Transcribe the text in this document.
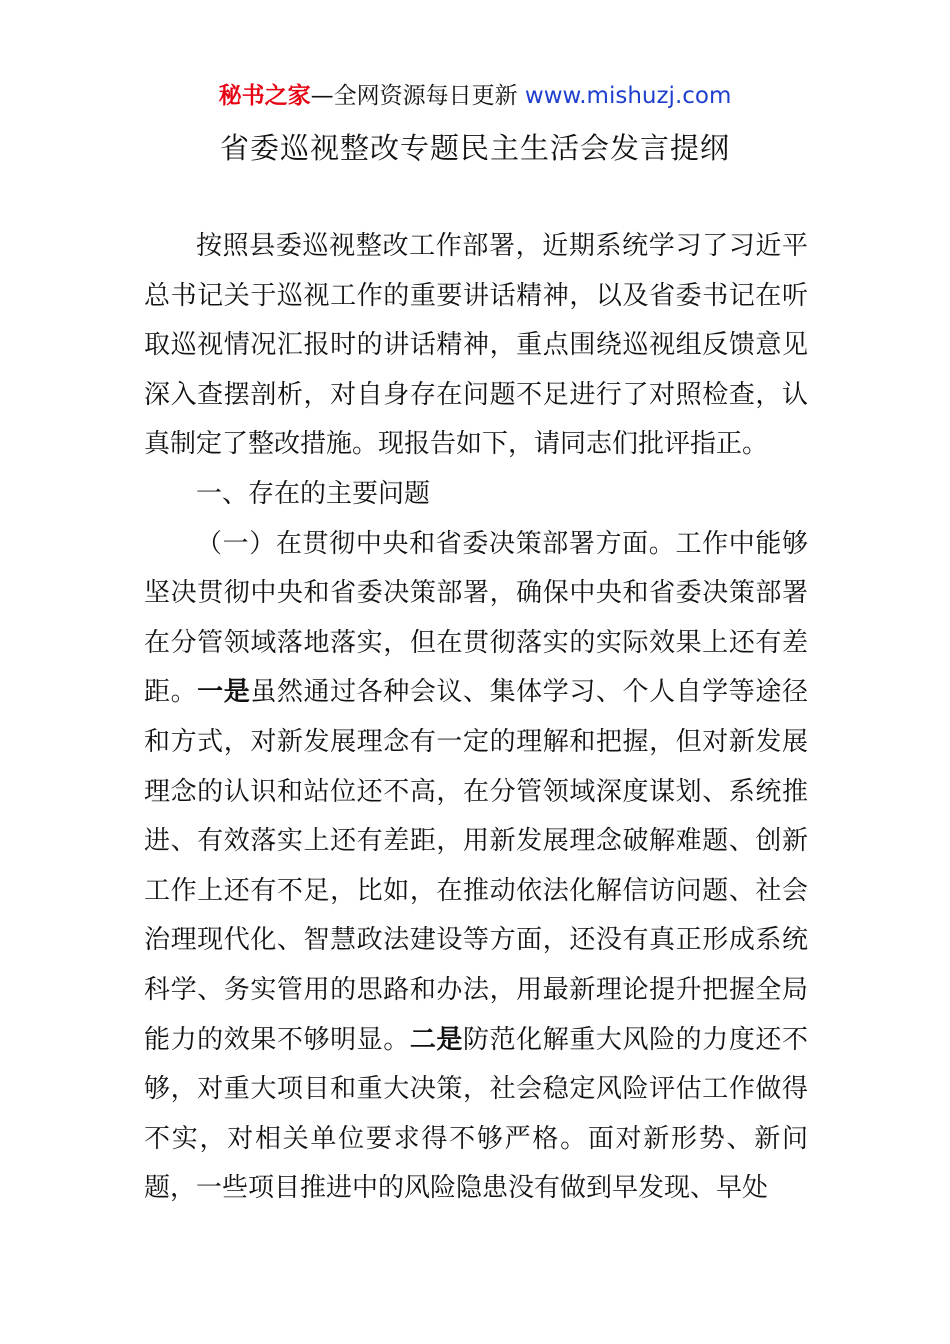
秘书之家—全网资源每日更新 www.mishuzj.com
省委巡视整改专题民主生活会发言提纲

按照县委巡视整改工作部署，近期系统学习了习近平总书记关于巡视工作的重要讲话精神，以及省委书记在听取巡视情况汇报时的讲话精神，重点围绕巡视组反馈意见深入查摆剖析，对自身存在问题不足进行了对照检查，认真制定了整改措施。现报告如下，请同志们批评指正。

一、存在的主要问题

（一）在贯彻中央和省委决策部署方面。工作中能够坚决贯彻中央和省委决策部署，确保中央和省委决策部署在分管领域落地落实，但在贯彻落实的实际效果上还有差距。一是虽然通过各种会议、集体学习、个人自学等途径和方式，对新发展理念有一定的理解和把握，但对新发展理念的认识和站位还不高，在分管领域深度谋划、系统推进、有效落实上还有差距，用新发展理念破解难题、创新工作上还有不足，比如，在推动依法化解信访问题、社会治理现代化、智慧政法建设等方面，还没有真正形成系统科学、务实管用的思路和办法，用最新理论提升把握全局能力的效果不够明显。二是防范化解重大风险的力度还不够，对重大项目和重大决策，社会稳定风险评估工作做得不实，对相关单位要求得不够严格。面对新形势、新问题，一些项目推进中的风险隐患没有做到早发现、早处
